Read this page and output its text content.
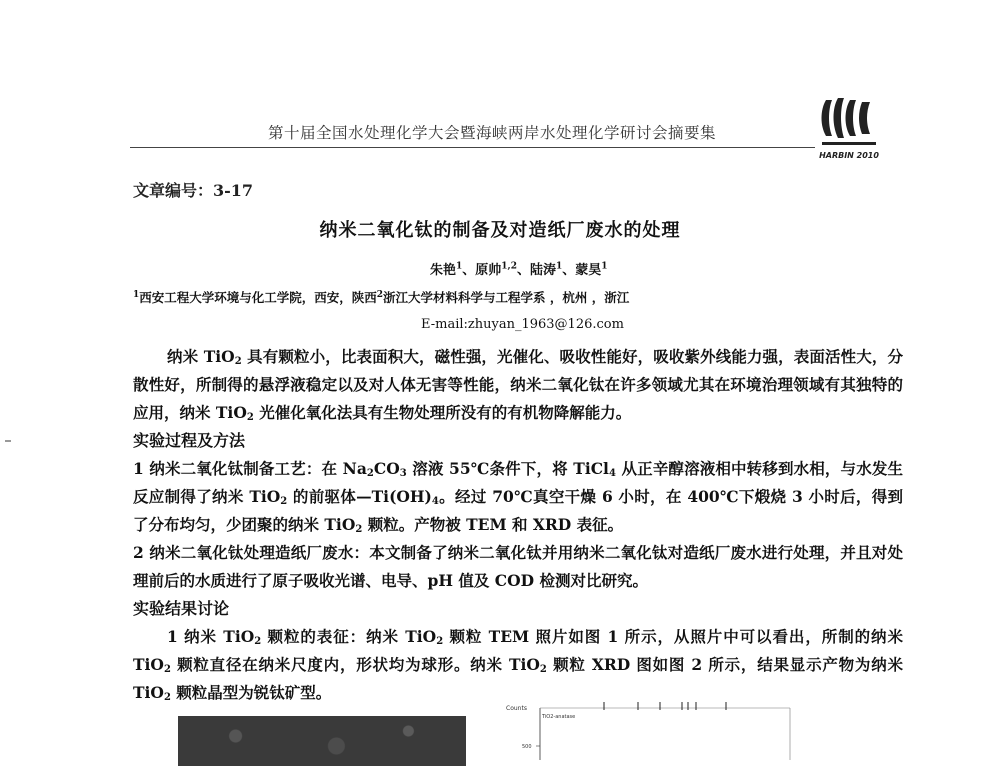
第十届全国水处理化学大会暨海峡两岸水处理化学研讨会摘要集
HARBIN 2010
文章编号：3-17
纳米二氧化钛的制备及对造纸厂废水的处理
朱艳$^1$、原帅$^{1,2}$、陆涛$^1$、蒙昊$^1$
$^1$西安工程大学环境与化工学院，西安，陕西$^2$浙江大学材料科学与工程学系 ，杭州 ，浙江
E-mail:zhuyan_1963@126.com

纳米 TiO$_2$ 具有颗粒小，比表面积大，磁性强，光催化、吸收性能好，吸收紫外线能力强，表面活性大，分散性好，所制得的悬浮液稳定以及对人体无害等性能，纳米二氧化钛在许多领域尤其在环境治理领域有其独特的应用，纳米 TiO$_2$ 光催化氧化法具有生物处理所没有的有机物降解能力。

实验过程及方法

1 纳米二氧化钛制备工艺：在 $Na_2CO_3$ 溶液 55℃条件下，将 TiCl$_4$ 从正辛醇溶液相中转移到水相，与水发生反应制得了纳米 TiO$_2$ 的前驱体$—Ti(OH)_4$。经过 70℃真空干燥 6 小时，在 400℃下煅烧 3 小时后，得到了分布均匀，少团聚的纳米 TiO$_2$ 颗粒。产物被 TEM 和 XRD 表征。

2 纳米二氧化钛处理造纸厂废水：本文制备了纳米二氧化钛并用纳米二氧化钛对造纸厂废水进行处理，并且对处理前后的水质进行了原子吸收光谱、电导、pH 值及 COD 检测对比研究。

实验结果讨论

1 纳米 TiO$_2$ 颗粒的表征：纳米 TiO$_2$ 颗粒 TEM 照片如图 1 所示，从照片中可以看出，所制的纳米 TiO$_2$ 颗粒直径在纳米尺度内，形状均为球形。纳米 TiO$_2$ 颗粒 XRD 图如图 2 所示，结果显示产物为纳米 TiO$_2$ 颗粒晶型为锐钛矿型。

Counts
TiO2-anatase
500
